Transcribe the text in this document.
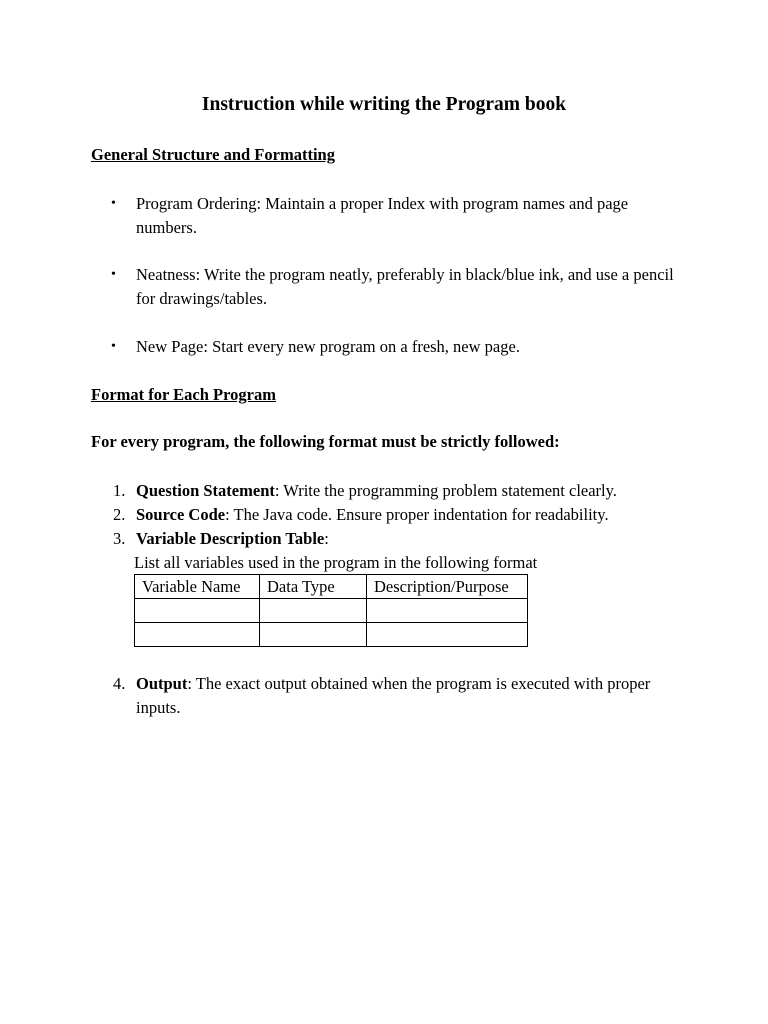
Instruction while writing the Program book
General Structure and Formatting
• Program Ordering: Maintain a proper Index with program names and page numbers.
• Neatness: Write the program neatly, preferably in black/blue ink, and use a pencil for drawings/tables.
• New Page: Start every new program on a fresh, new page.
Format for Each Program
For every program, the following format must be strictly followed:
1. Question Statement: Write the programming problem statement clearly.
2. Source Code: The Java code. Ensure proper indentation for readability.
3. Variable Description Table:
List all variables used in the program in the following format
Variable Name	Data Type	Description/Purpose

4. Output: The exact output obtained when the program is executed with proper inputs.
